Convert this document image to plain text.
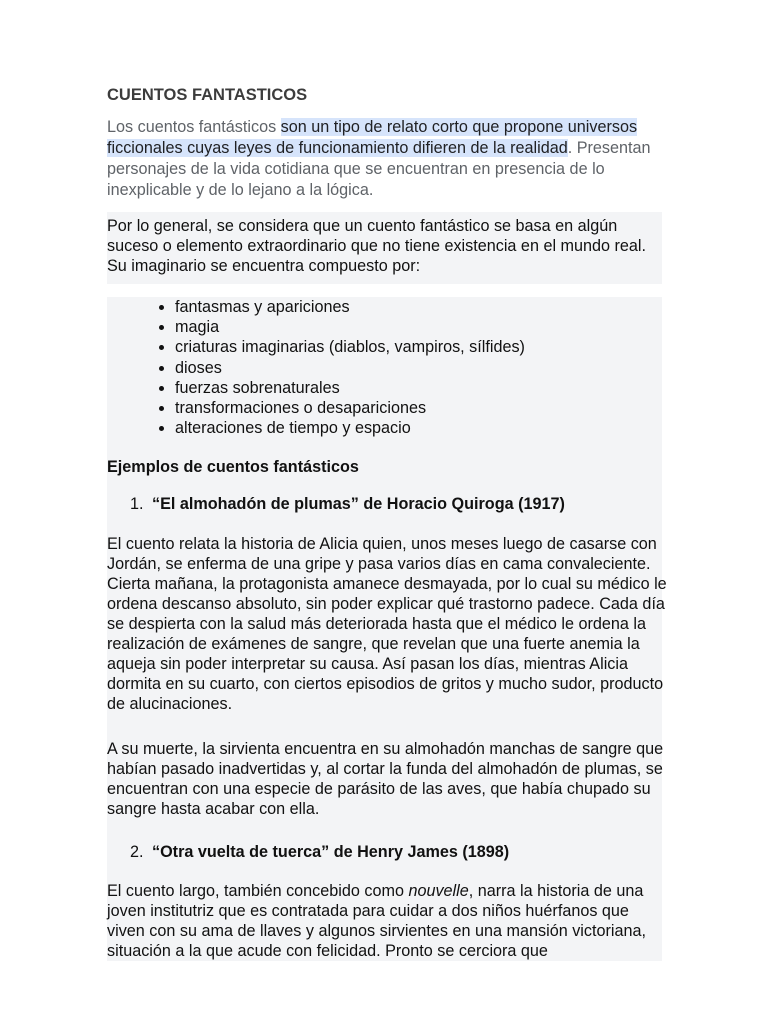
CUENTOS FANTASTICOS

Los cuentos fantásticos son un tipo de relato corto que propone universos ficcionales cuyas leyes de funcionamiento difieren de la realidad. Presentan personajes de la vida cotidiana que se encuentran en presencia de lo inexplicable y de lo lejano a la lógica.

Por lo general, se considera que un cuento fantástico se basa en algún suceso o elemento extraordinario que no tiene existencia en el mundo real. Su imaginario se encuentra compuesto por:

• fantasmas y apariciones
• magia
• criaturas imaginarias (diablos, vampiros, sílfides)
• dioses
• fuerzas sobrenaturales
• transformaciones o desapariciones
• alteraciones de tiempo y espacio
Ejemplos de cuentos fantásticos
1. “El almohadón de plumas” de Horacio Quiroga (1917)

El cuento relata la historia de Alicia quien, unos meses luego de casarse con Jordán, se enferma de una gripe y pasa varios días en cama convaleciente. Cierta mañana, la protagonista amanece desmayada, por lo cual su médico le ordena descanso absoluto, sin poder explicar qué trastorno padece. Cada día se despierta con la salud más deteriorada hasta que el médico le ordena la realización de exámenes de sangre, que revelan que una fuerte anemia la aqueja sin poder interpretar su causa. Así pasan los días, mientras Alicia dormita en su cuarto, con ciertos episodios de gritos y mucho sudor, producto de alucinaciones.

A su muerte, la sirvienta encuentra en su almohadón manchas de sangre que habían pasado inadvertidas y, al cortar la funda del almohadón de plumas, se encuentran con una especie de parásito de las aves, que había chupado su sangre hasta acabar con ella.

2. “Otra vuelta de tuerca” de Henry James (1898)

El cuento largo, también concebido como nouvelle, narra la historia de una joven institutriz que es contratada para cuidar a dos niños huérfanos que viven con su ama de llaves y algunos sirvientes en una mansión victoriana, situación a la que acude con felicidad. Pronto se cerciora que
